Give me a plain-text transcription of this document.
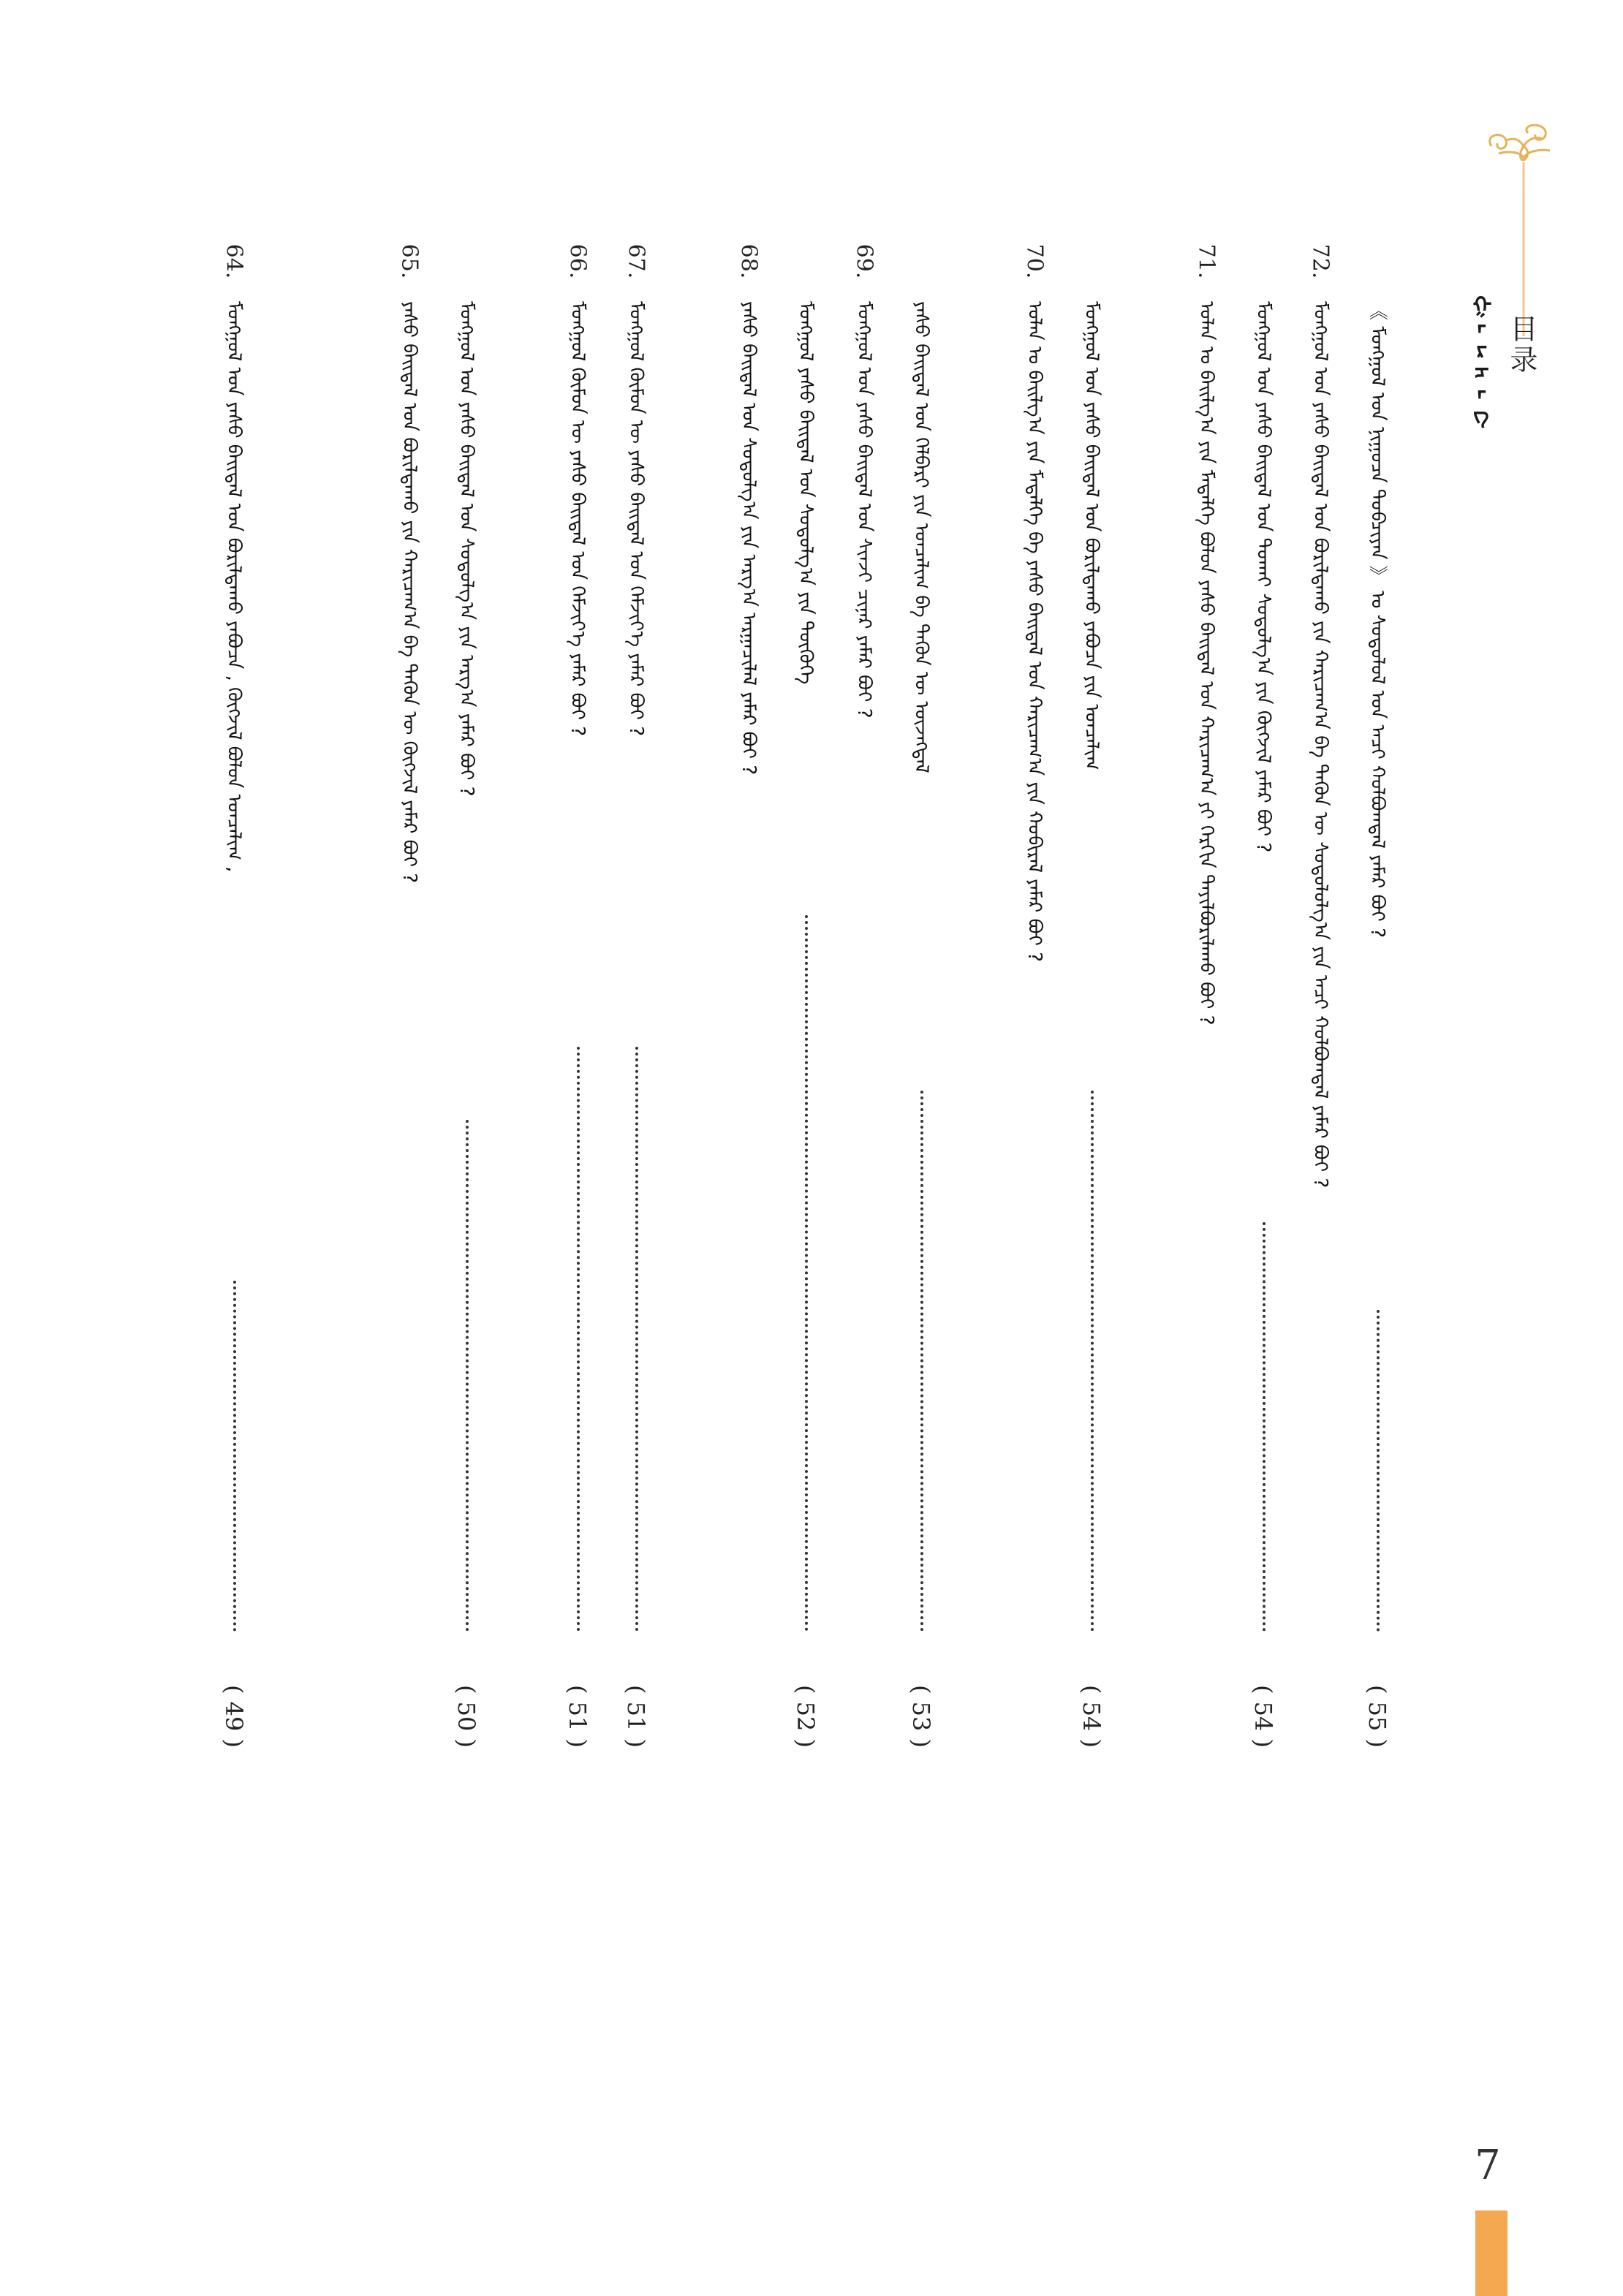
ᠭᠠᠷᠴᠠᠭ 目录
72.
ᠮᠣᠩᠭᠣᠯ ᠤᠨ ᠶᠠᠰᠤ ᠪᠠᠢᠳᠠᠯ ᠤᠨ ᠪᠤᠷᠢᠯᠳᠠᠬᠤ ᠶᠢᠨ ᠬᠠᠷᠢᠴᠠᠭ᠎ᠠ ᠪᠠ ᠲᠡᠭᠦᠨ ᠦ ᠰᠤᠳᠤᠯᠤᠯᠭ᠎ᠠ ᠶᠢᠨ ᠠᠴᠢ ᠬᠤᠯᠪᠤᠭᠳᠠᠯ ᠶᠠᠮᠠᠷ ᠪᠤᠢ ? 《 ᠮᠣᠩᠭᠣᠯ ᠤᠨ ᠨᠢᠭᠤᠴᠠ ᠲᠣᠪᠴᠢᠶᠠᠨ 》 ᠤ ᠰᠤᠳᠤᠯᠤᠯ ᠤᠨ ᠠᠴᠢ ᠬᠣᠯᠪᠣᠭᠳᠠᠯ ᠶᠠᠮᠠᠷ ᠪᠤᠢ ?
( 55 )
71.
ᠣᠯᠠᠨ ᠤ ᠪᠠᠢᠯᠭ᠎ᠠ ᠶᠢᠨ ᠮᠡᠳᠡᠯᠭᠡ ᠪᠤᠯᠤᠨ ᠶᠠᠰᠤ ᠪᠠᠢᠳᠠᠯ ᠤᠨ ᠬᠠᠷᠢᠴᠠᠭ᠎ᠠ ᠶᠢ ᠬᠡᠷᠬᠢᠨ ᠲᠠᠶᠢᠯᠪᠤᠷᠢᠯᠠᠬᠤ ᠪᠤᠢ ? ᠮᠣᠩᠭᠣᠯ ᠤᠨ ᠶᠠᠰᠤ ᠪᠠᠢᠳᠠᠯ ᠤᠨ ᠲᠤᠬᠠᠢ ᠰᠤᠳᠤᠯᠭ᠎ᠠ ᠶᠢᠨ ᠬᠥᠭᠵᠢᠯ ᠶᠠᠮᠠᠷ ᠪᠤᠢ ?
( 54 )
70.
ᠣᠯᠠᠨ ᠤ ᠪᠠᠢᠯᠭ᠎ᠠ ᠶᠢᠨ ᠮᠡᠳᠡᠯᠭᠡ ᠪᠠ ᠶᠠᠰᠤ ᠪᠠᠢᠳᠠᠯ ᠤᠨ ᠬᠠᠷᠢᠴᠠᠭ᠎ᠠ ᠶᠢᠨ ᠬᠤᠪᠢᠷᠠᠯ ᠶᠠᠮᠠᠷ ᠪᠤᠢ ? ᠮᠣᠩᠭᠣᠯ ᠤᠨ ᠶᠠᠰᠤ ᠪᠠᠢᠳᠠᠯ ᠤᠨ ᠪᠤᠷᠢᠯᠳᠠᠬᠤ ᠶᠠᠪᠤᠴᠠ ᠶᠢᠨ ᠤᠨᠴᠠᠯᠢᠭ
( 54 )
69.
ᠮᠣᠩᠭᠣᠯ ᠤᠨ ᠶᠠᠰᠤ ᠪᠠᠢᠳᠠᠯ ᠤᠨ ᠰᠢᠨᠵᠢ ᠴᠢᠨᠠᠷ ᠶᠠᠮᠠᠷ ᠪᠤᠢ ? ᠶᠠᠰᠤ ᠪᠠᠢᠳᠠᠯ ᠤᠨ ᠬᠡᠯᠪᠡᠷᠢ ᠶᠢᠨ ᠤᠨᠴᠠᠯᠢᠭ ᠪᠠ ᠲᠡᠭᠦᠨ ᠦ ᠦᠵᠡᠭᠳᠡᠯ
( 53 )
68.
ᠶᠠᠰᠤ ᠪᠠᠢᠳᠠᠯ ᠤᠨ ᠰᠤᠳᠤᠯᠭ᠎ᠠ ᠶᠢᠨ ᠠᠷᠭ᠎ᠠ ᠠᠷᠭᠠᠴᠢᠯᠠᠯ ᠶᠠᠮᠠᠷ ᠪᠤᠢ ? ᠮᠣᠩᠭᠣᠯ ᠶᠠᠰᠤ ᠪᠠᠢᠳᠠᠯ ᠤᠨ ᠰᠤᠳᠤᠯᠭ᠎ᠠ ᠶᠢᠨ ᠲᠦᠭᠦᠬᠡ
( 52 )
67.
ᠮᠣᠩᠭᠣᠯ ᠬᠦᠮᠦᠨ ᠦ ᠶᠠᠰᠤ ᠪᠠᠢᠳᠠᠯ ᠤᠨ ᠬᠡᠮᠵᠢᠶ᠎ᠡ ᠶᠠᠮᠠᠷ ᠪᠤᠢ ?
( 51 )
66.
ᠮᠣᠩᠭᠣᠯ ᠬᠦᠮᠦᠨ ᠦ ᠶᠠᠰᠤ ᠪᠠᠢᠳᠠᠯ ᠤᠨ ᠬᠡᠮᠵᠢᠶ᠎ᠡ ᠶᠠᠮᠠᠷ ᠪᠤᠢ ?
( 51 )
65.
ᠶᠠᠰᠤ ᠪᠠᠢᠳᠠᠯ ᠤᠨ ᠪᠤᠷᠢᠯᠳᠠᠬᠤ ᠶᠢᠨ ᠬᠠᠷᠢᠴᠠᠭ᠎ᠠ ᠪᠠ ᠲᠡᠭᠦᠨ ᠦ ᠬᠥᠭᠵᠢᠯ ᠶᠠᠮᠠᠷ ᠪᠤᠢ ? ᠮᠣᠩᠭᠣᠯ ᠤᠨ ᠶᠠᠰᠤ ᠪᠠᠢᠳᠠᠯ ᠤᠨ ᠰᠤᠳᠤᠯᠭ᠎ᠠ ᠶᠢᠨ ᠠᠷᠭ᠎ᠠ ᠶᠠᠮᠠᠷ ᠪᠤᠢ ?
( 50 )
64.
ᠮᠣᠩᠭᠣᠯ ᠤᠨ ᠶᠠᠰᠤ ᠪᠠᠢᠳᠠᠯ ᠤᠨ ᠪᠤᠷᠢᠯᠳᠠᠬᠤ ᠶᠠᠪᠤᠴᠠ , ᠬᠥᠭᠵᠢᠯ ᠪᠤᠯᠤᠨ ᠣᠨᠴᠠᠯᠢᠭ ,
( 49 )
7
